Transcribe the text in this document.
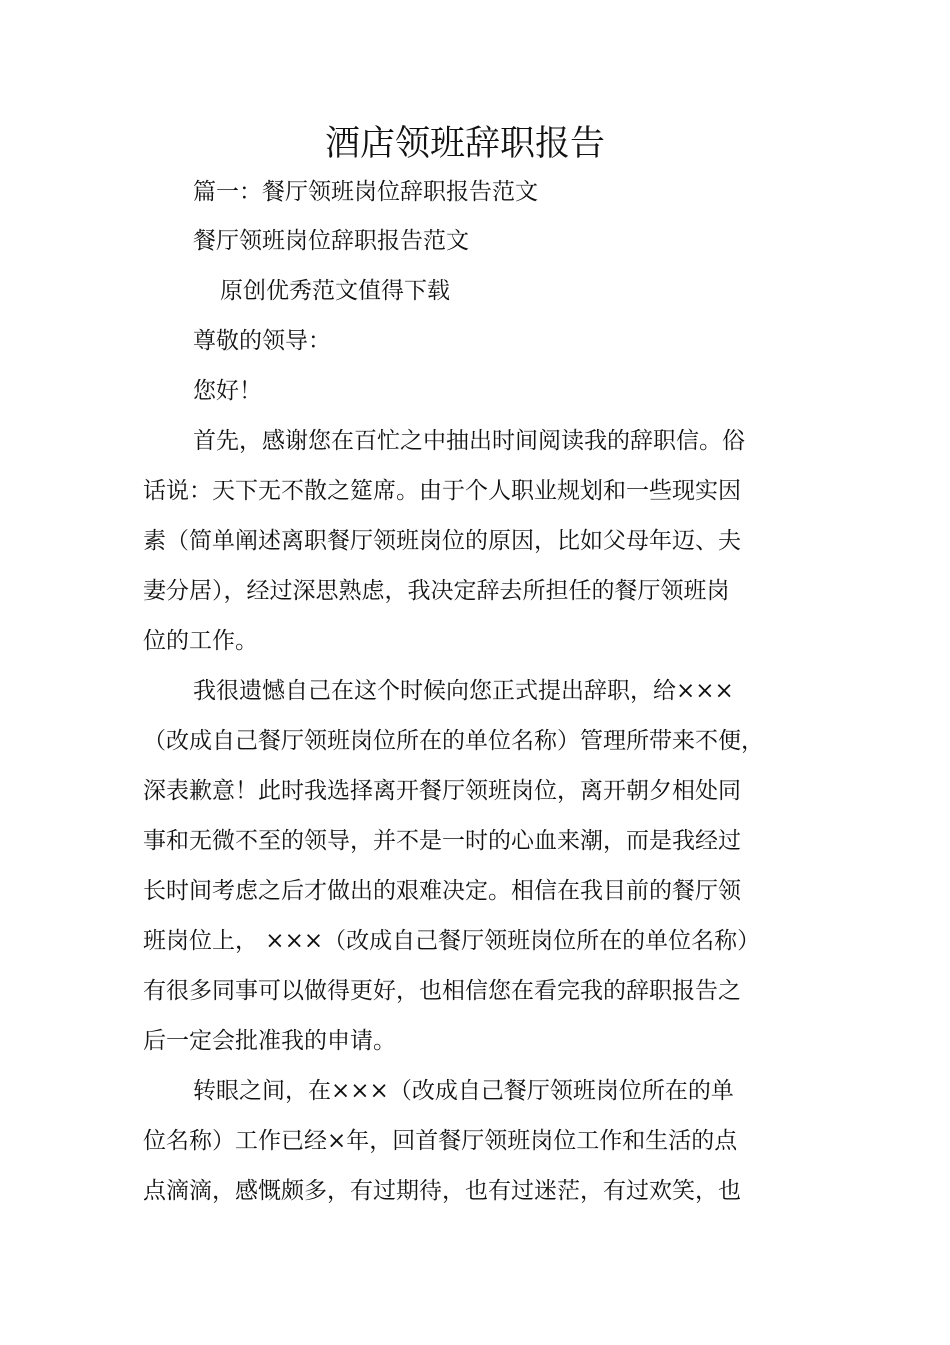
酒店领班辞职报告
篇一：餐厅领班岗位辞职报告范文
餐厅领班岗位辞职报告范文
原创优秀范文值得下载
尊敬的领导：
您好！
首先，感谢您在百忙之中抽出时间阅读我的辞职信。俗
话说：天下无不散之筵席。由于个人职业规划和一些现实因
素（简单阐述离职餐厅领班岗位的原因，比如父母年迈、夫
妻分居），经过深思熟虑，我决定辞去所担任的餐厅领班岗
位的工作。
我很遗憾自己在这个时候向您正式提出辞职，给×××
（改成自己餐厅领班岗位所在的单位名称）管理所带来不便，
深表歉意！此时我选择离开餐厅领班岗位，离开朝夕相处同
事和无微不至的领导，并不是一时的心血来潮，而是我经过
长时间考虑之后才做出的艰难决定。相信在我目前的餐厅领
班岗位上， ×××（改成自己餐厅领班岗位所在的单位名称）
有很多同事可以做得更好，也相信您在看完我的辞职报告之
后一定会批准我的申请。
转眼之间，在×××（改成自己餐厅领班岗位所在的单
位名称）工作已经×年，回首餐厅领班岗位工作和生活的点
点滴滴，感慨颇多，有过期待，也有过迷茫，有过欢笑，也
